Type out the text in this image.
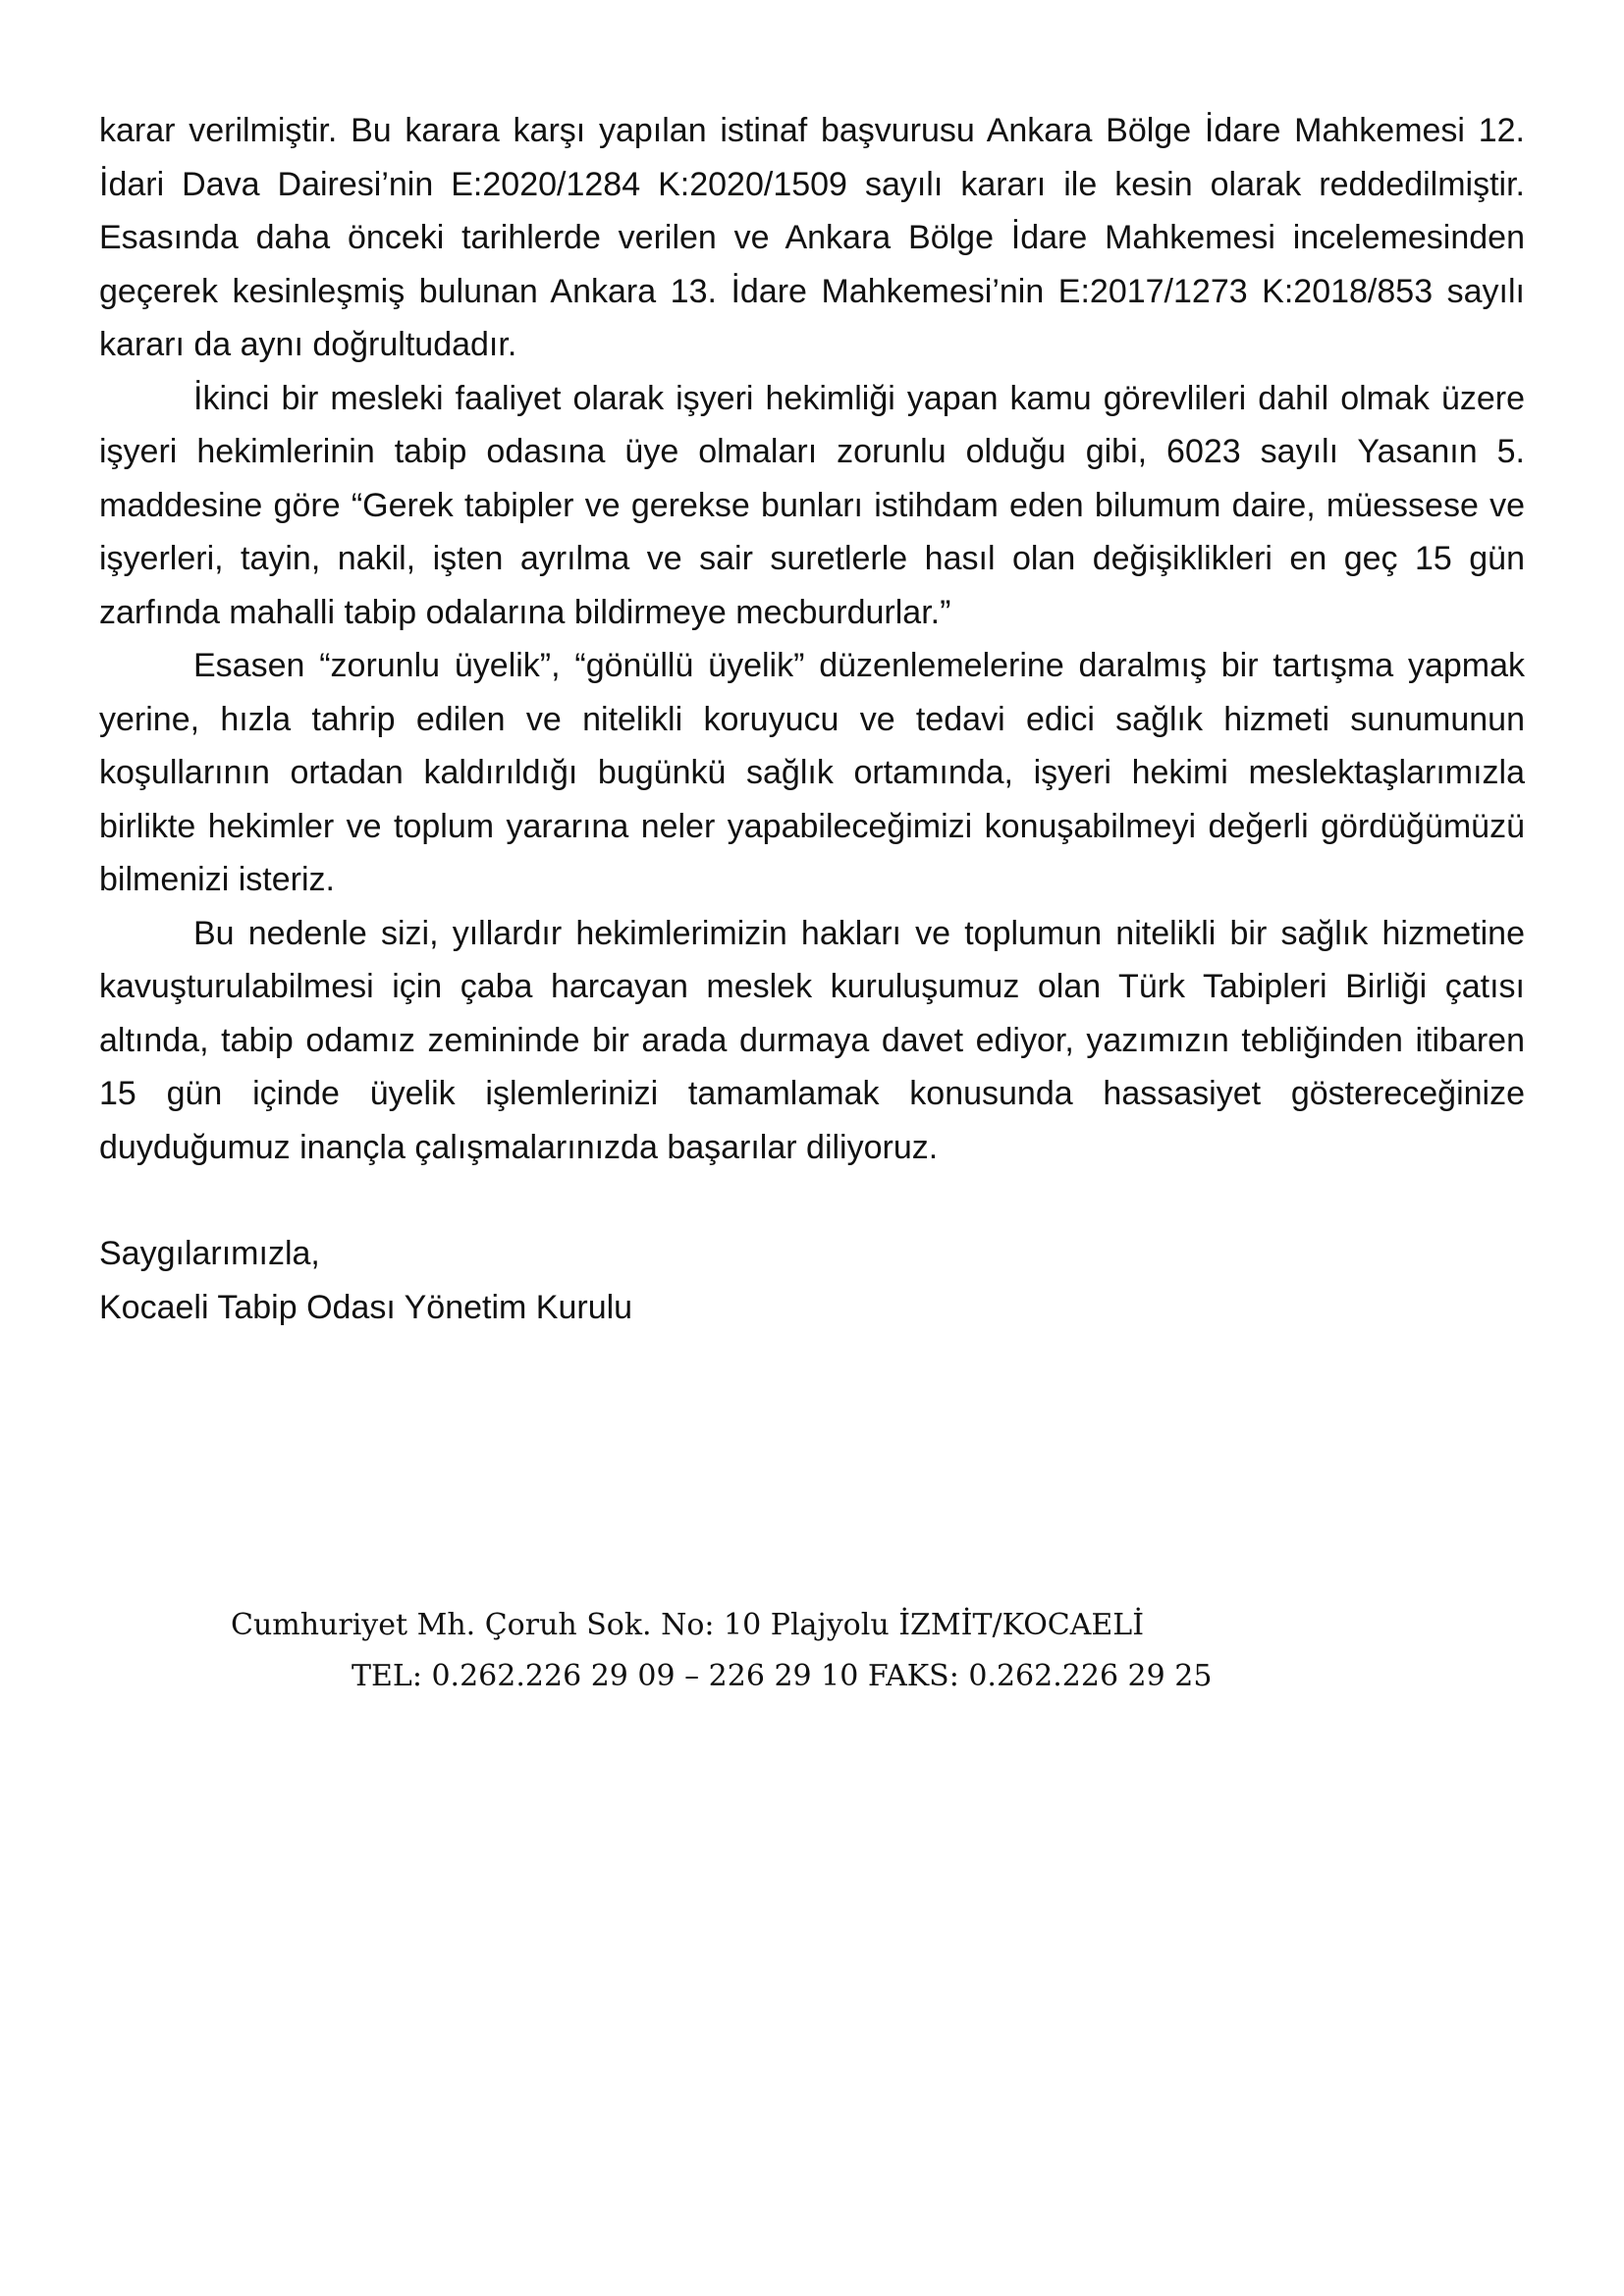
karar verilmiştir. Bu karara karşı yapılan istinaf başvurusu Ankara Bölge İdare Mahkemesi 12. İdari Dava Dairesi’nin E:2020/1284 K:2020/1509 sayılı kararı ile kesin olarak reddedilmiştir. Esasında daha önceki tarihlerde verilen ve Ankara Bölge İdare Mahkemesi incelemesinden geçerek kesinleşmiş bulunan Ankara 13. İdare Mahkemesi’nin E:2017/1273 K:2018/853 sayılı kararı da aynı doğrultudadır.

İkinci bir mesleki faaliyet olarak işyeri hekimliği yapan kamu görevlileri dahil olmak üzere işyeri hekimlerinin tabip odasına üye olmaları zorunlu olduğu gibi, 6023 sayılı Yasanın 5. maddesine göre “Gerek tabipler ve gerekse bunları istihdam eden bilumum daire, müessese ve işyerleri, tayin, nakil, işten ayrılma ve sair suretlerle hasıl olan değişiklikleri en geç 15 gün zarfında mahalli tabip odalarına bildirmeye mecburdurlar.”

Esasen “zorunlu üyelik”, “gönüllü üyelik” düzenlemelerine daralmış bir tartışma yapmak yerine, hızla tahrip edilen ve nitelikli koruyucu ve tedavi edici sağlık hizmeti sunumunun koşullarının ortadan kaldırıldığı bugünkü sağlık ortamında, işyeri hekimi meslektaşlarımızla birlikte hekimler ve toplum yararına neler yapabileceğimizi konuşabilmeyi değerli gördüğümüzü bilmenizi isteriz.

Bu nedenle sizi, yıllardır hekimlerimizin hakları ve toplumun nitelikli bir sağlık hizmetine kavuşturulabilmesi için çaba harcayan meslek kuruluşumuz olan Türk Tabipleri Birliği çatısı altında, tabip odamız zemininde bir arada durmaya davet ediyor, yazımızın tebliğinden itibaren 15 gün içinde üyelik işlemlerinizi tamamlamak konusunda hassasiyet göstereceğinize duyduğumuz inançla çalışmalarınızda başarılar diliyoruz.

Saygılarımızla,
Kocaeli Tabip Odası Yönetim Kurulu
Cumhuriyet Mh. Çoruh Sok. No: 10 Plajyolu İZMİT/KOCAELİ
TEL: 0.262.226 29 09 – 226 29 10 FAKS: 0.262.226 29 25
